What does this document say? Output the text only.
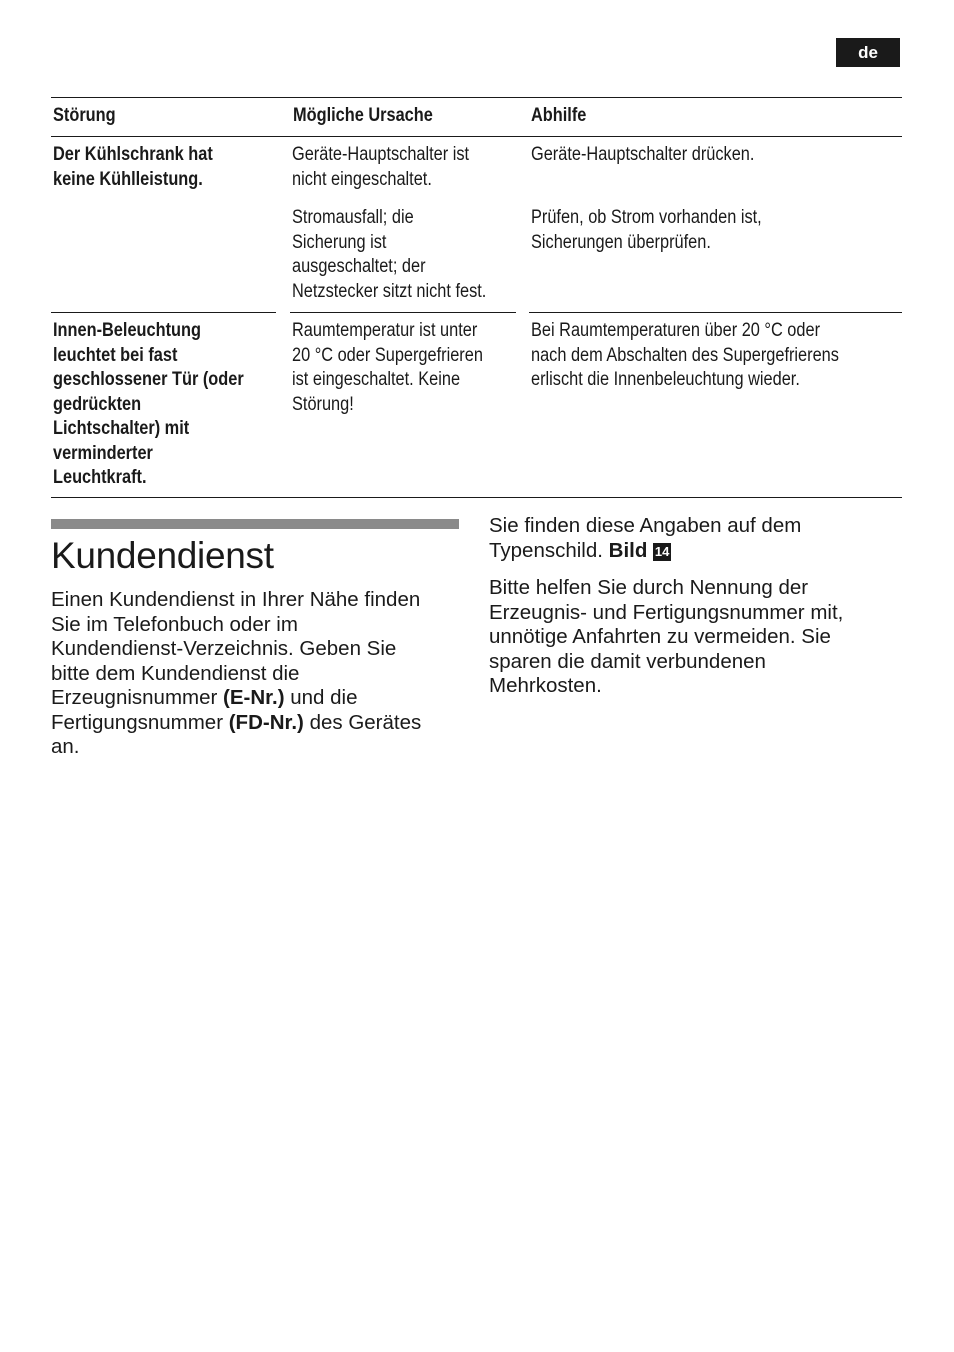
de
Störung	Mögliche Ursache	Abhilfe
Der Kühlschrank hat
keine Kühlleistung.
Geräte-Hauptschalter ist
nicht eingeschaltet.
Geräte-Hauptschalter drücken.
Stromausfall; die
Sicherung ist
ausgeschaltet; der
Netzstecker sitzt nicht fest.
Prüfen, ob Strom vorhanden ist,
Sicherungen überprüfen.
Innen-Beleuchtung
leuchtet bei fast
geschlossener Tür (oder
gedrückten
Lichtschalter) mit
verminderter
Leuchtkraft.
Raumtemperatur ist unter
20 °C oder Supergefrieren
ist eingeschaltet. Keine
Störung!
Bei Raumtemperaturen über 20 °C oder
nach dem Abschalten des Supergefrierens
erlischt die Innenbeleuchtung wieder.
Kundendienst
Einen Kundendienst in Ihrer Nähe finden
Sie im Telefonbuch oder im
Kundendienst-Verzeichnis. Geben Sie
bitte dem Kundendienst die
Erzeugnisnummer (E-Nr.) und die
Fertigungsnummer (FD-Nr.) des Gerätes
an.
Sie finden diese Angaben auf dem
Typenschild. Bild 14
Bitte helfen Sie durch Nennung der
Erzeugnis- und Fertigungsnummer mit,
unnötige Anfahrten zu vermeiden. Sie
sparen die damit verbundenen
Mehrkosten.
